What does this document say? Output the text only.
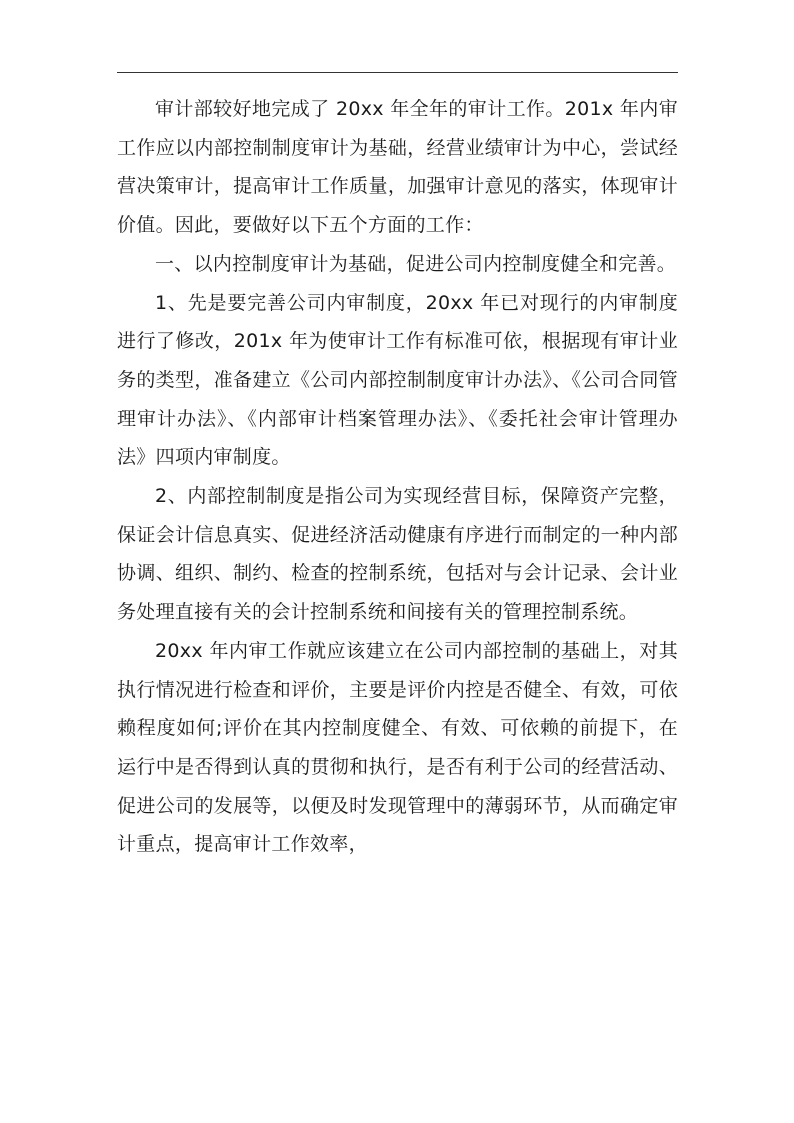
审计部较好地完成了 20xx 年全年的审计工作。201x 年内审工作应以内部控制制度审计为基础，经营业绩审计为中心，尝试经营决策审计，提高审计工作质量，加强审计意见的落实，体现审计价值。因此，要做好以下五个方面的工作：

一、以内控制度审计为基础，促进公司内控制度健全和完善。

1、先是要完善公司内审制度，20xx 年已对现行的内审制度进行了修改，201x 年为使审计工作有标准可依，根据现有审计业务的类型，准备建立《公司内部控制制度审计办法》、《公司合同管理审计办法》、《内部审计档案管理办法》、《委托社会审计管理办法》四项内审制度。

2、内部控制制度是指公司为实现经营目标，保障资产完整，保证会计信息真实、促进经济活动健康有序进行而制定的一种内部协调、组织、制约、检查的控制系统，包括对与会计记录、会计业务处理直接有关的会计控制系统和间接有关的管理控制系统。

20xx 年内审工作就应该建立在公司内部控制的基础上，对其执行情况进行检查和评价，主要是评价内控是否健全、有效，可依赖程度如何;评价在其内控制度健全、有效、可依赖的前提下，在运行中是否得到认真的贯彻和执行，是否有利于公司的经营活动、促进公司的发展等，以便及时发现管理中的薄弱环节，从而确定审计重点，提高审计工作效率，
